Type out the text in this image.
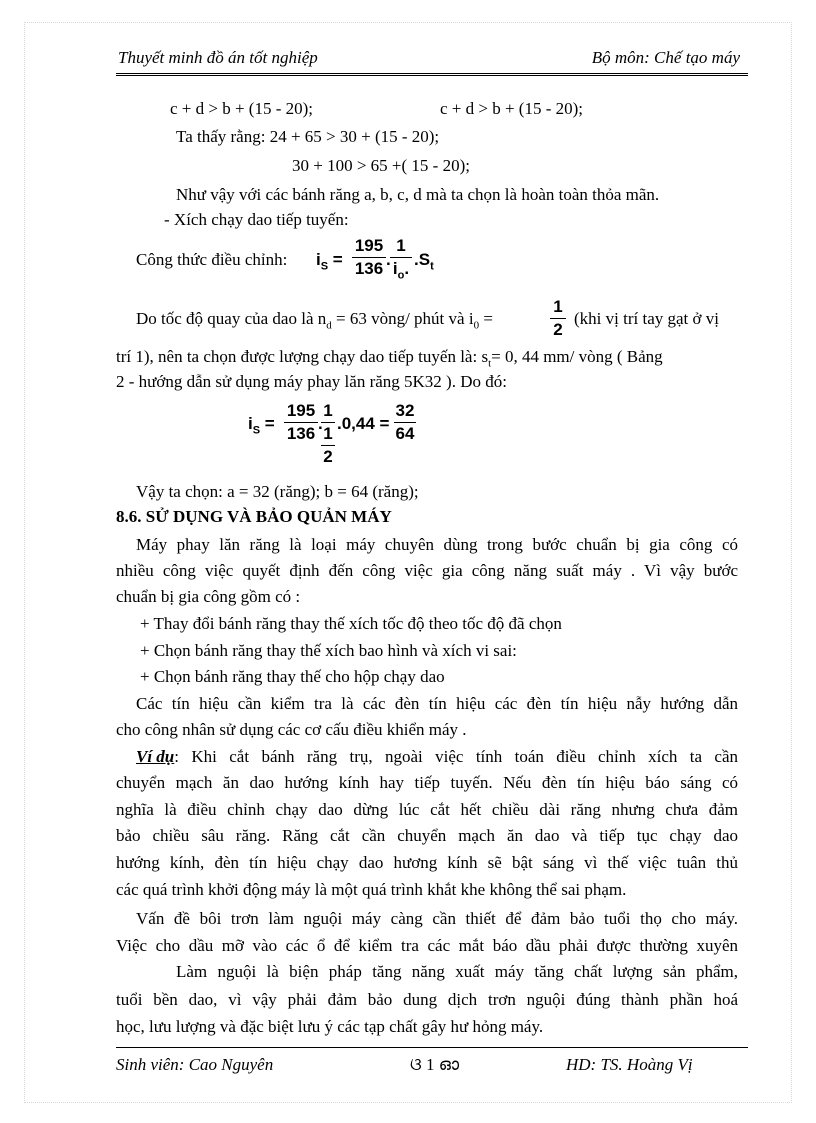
Thuyết minh đồ án tốt nghiệp	Bộ môn: Chế tạo máy
c + d > b + (15 - 20);	c + d > b + (15 - 20);
Ta thấy rằng: 24 + 65 > 30 + (15 - 20);
30 + 100 > 65 +( 15 - 20);
Như vậy với các bánh răng a, b, c, d mà ta chọn là hoàn toàn thỏa mãn.
- Xích chạy dao tiếp tuyến:
Công thức điều chỉnh: $i_S$ =
195
136 .
1
$i_o$. $.S_t$
Do tốc độ quay của dao là $n_d = 63$ vòng/ phút và $i_0$ =
1
2
(khi vị trí tay gạt ở vị
trí 1), nên ta chọn được lượng chạy dao tiếp tuyến là: $s_t= 0$, 44 mm/ vòng ( Bảng
2 - hướng dẫn sử dụng máy phay lăn răng 5K32 ). Do đó:
$i_S$ =
195
136
.
1
1
2
.0,44 =
32
64
Vậy ta chọn: a = 32 (răng); b = 64 (răng);
8.6. SỬ DỤNG VÀ BẢO QUẢN MÁY
Máy phay lăn răng là loại máy chuyên dùng trong bước chuẩn bị gia công có
nhiều công việc quyết định đến công việc gia công năng suất máy . Vì vậy bước
chuẩn bị gia công gồm có :
+ Thay đổi bánh răng thay thế xích tốc độ theo tốc độ đã chọn
+ Chọn bánh răng thay thế xích bao hình và xích vi sai:
+ Chọn bánh răng thay thế cho hộp chạy dao
Các tín hiệu cần kiểm tra là các đèn tín hiệu các đèn tín hiệu nẫy hướng dẫn
cho công nhân sử dụng các cơ cấu điều khiển máy .
Ví dụ : Khi cắt bánh răng trụ, ngoài việc tính toán điều chỉnh xích ta cần
chuyển mạch ăn dao hướng kính hay tiếp tuyến. Nếu đèn tín hiệu báo sáng có
nghĩa là điều chỉnh chạy dao dừng lúc cắt hết chiều dài răng nhưng chưa đảm
bảo chiều sâu răng. Răng cắt cần chuyển mạch ăn dao và tiếp tục chạy dao
hướng kính, đèn tín hiệu chạy dao hương kính sẽ bật sáng vì thế việc tuân thủ
các quá trình khởi động máy là một quá trình khắt khe không thể sai phạm.
Vấn đề bôi trơn làm nguội máy càng cần thiết để đảm bảo tuổi thọ cho máy.
Việc cho dầu mỡ vào các ổ để kiểm tra các mắt báo dầu phải được thường xuyên
Làm nguội là biện pháp tăng năng xuất máy tăng chất lượng sản phẩm,
tuổi bền dao, vì vậy phải đảm bảo dung dịch trơn nguội đúng thành phần hoá
học, lưu lượng và đặc biệt lưu ý các tạp chất gây hư hỏng máy.
Sinh viên: Cao Nguyên	ଓ 1 ഓ	HD: TS. Hoàng Vị
